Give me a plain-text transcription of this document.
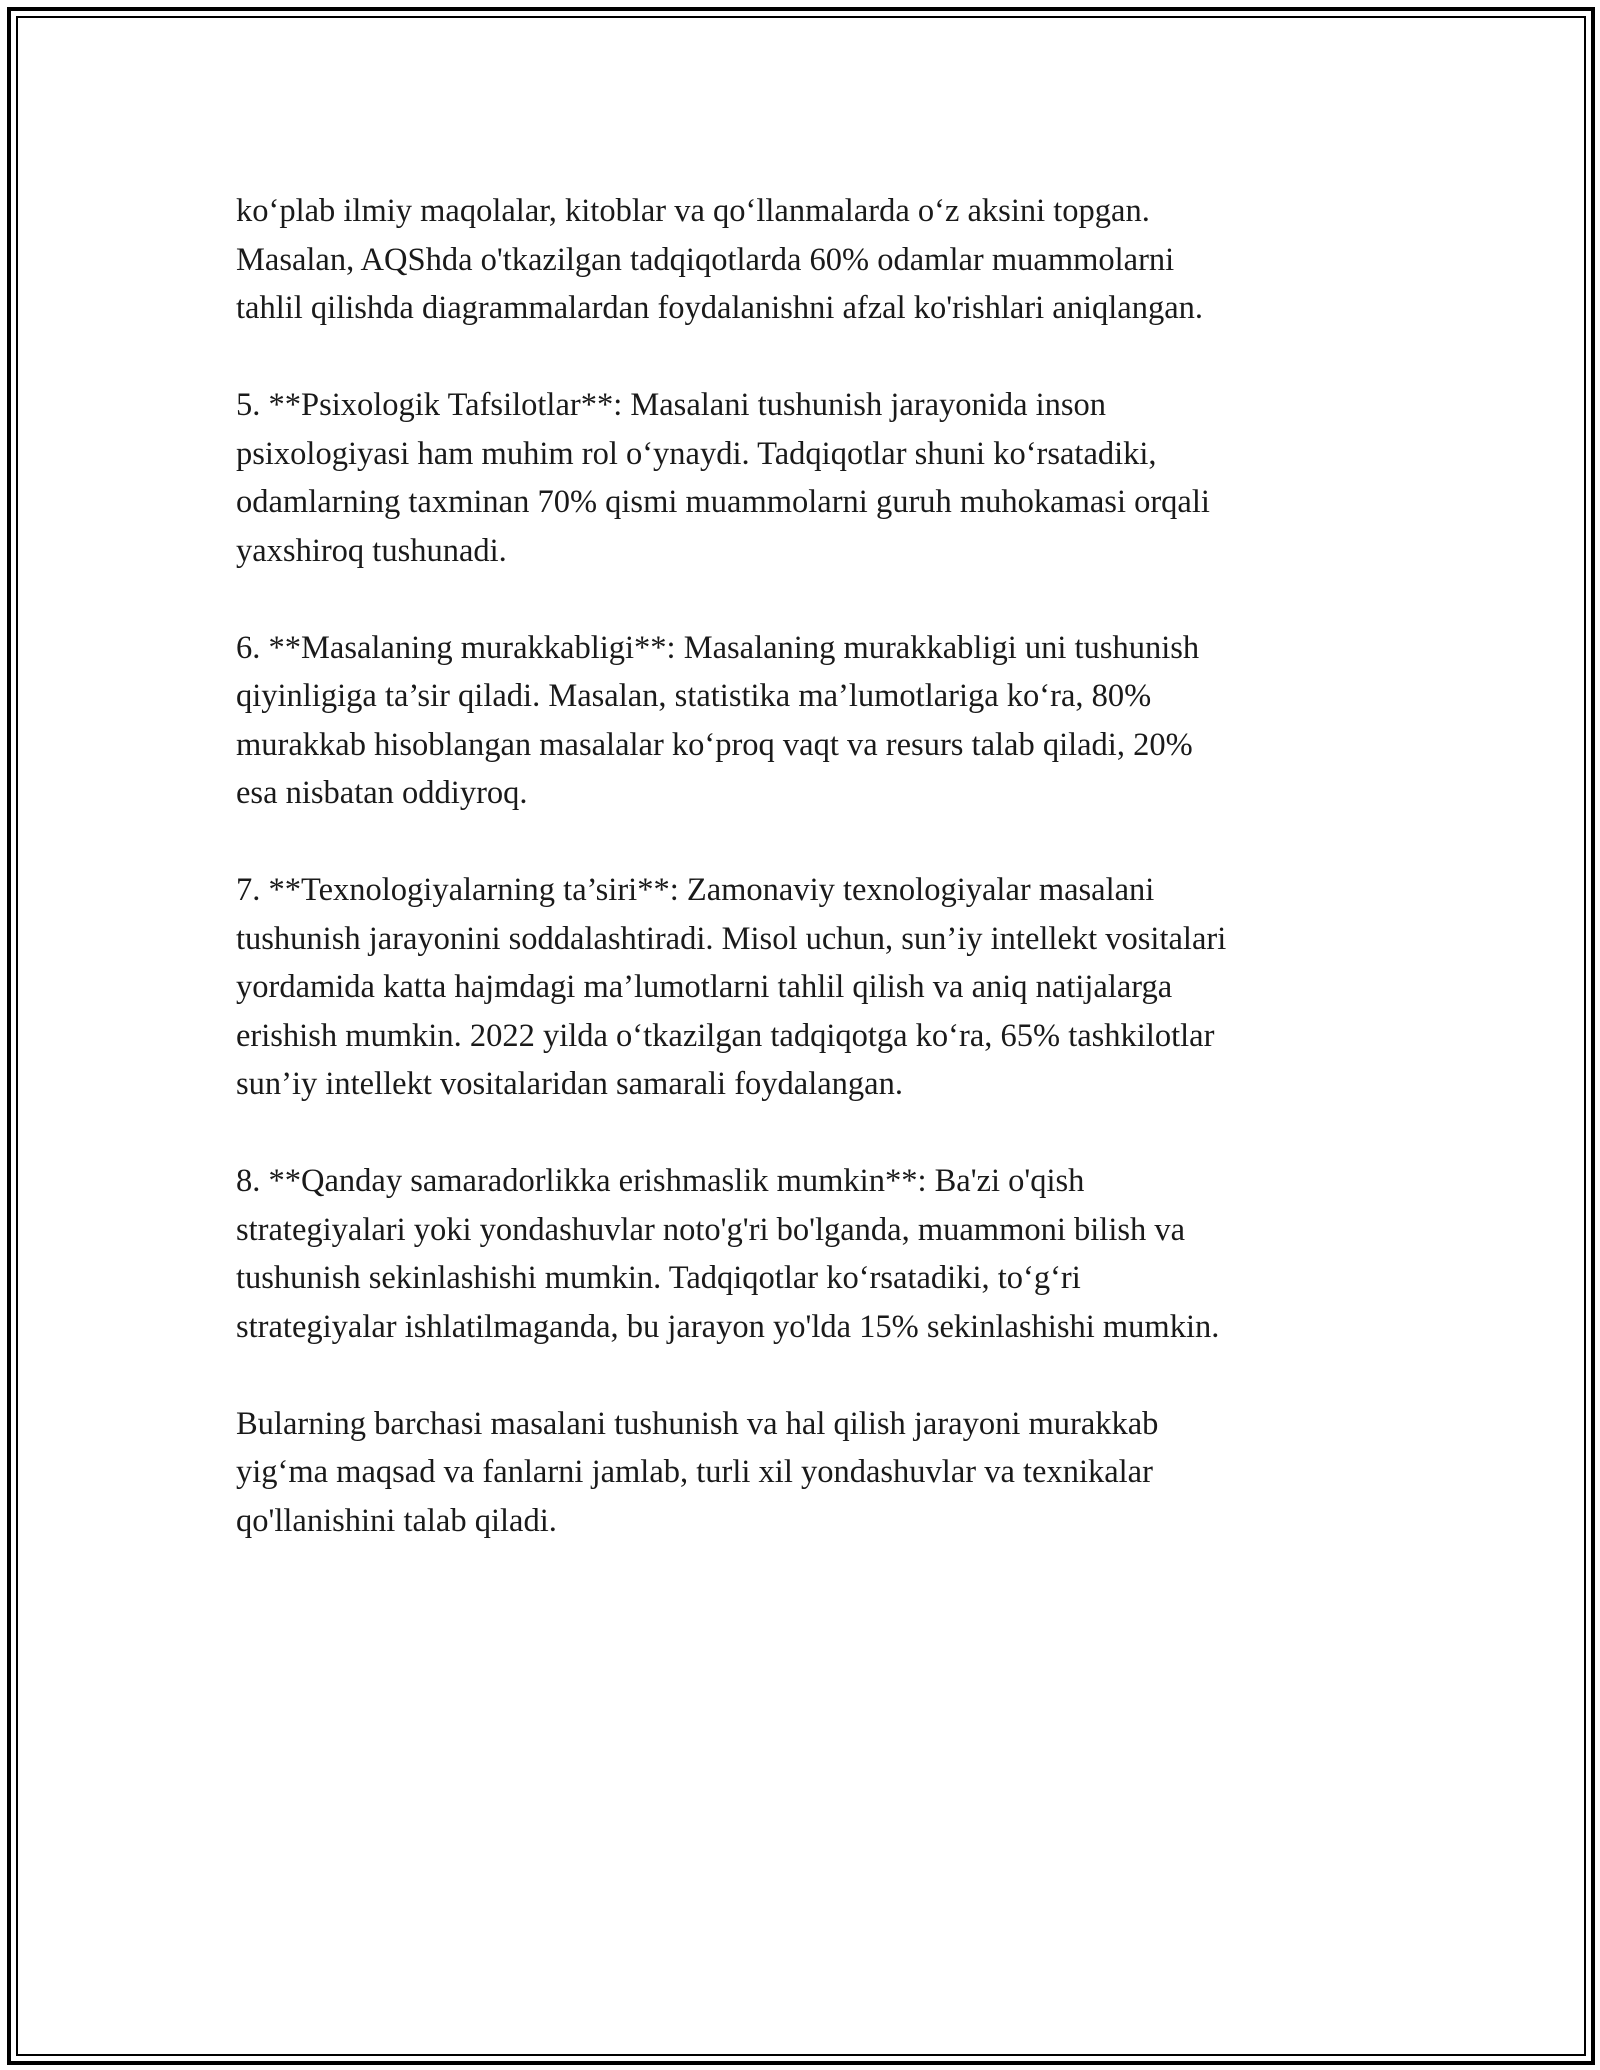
ko‘plab ilmiy maqolalar, kitoblar va qo‘llanmalarda o‘z aksini topgan.
Masalan, AQShda o'tkazilgan tadqiqotlarda 60% odamlar muammolarni
tahlil qilishda diagrammalardan foydalanishni afzal ko'rishlari aniqlangan.
5. **Psixologik Tafsilotlar**: Masalani tushunish jarayonida inson
psixologiyasi ham muhim rol o‘ynaydi. Tadqiqotlar shuni ko‘rsatadiki,
odamlarning taxminan 70% qismi muammolarni guruh muhokamasi orqali
yaxshiroq tushunadi.
6. **Masalaning murakkabligi**: Masalaning murakkabligi uni tushunish
qiyinligiga ta’sir qiladi. Masalan, statistika ma’lumotlariga ko‘ra, 80%
murakkab hisoblangan masalalar ko‘proq vaqt va resurs talab qiladi, 20%
esa nisbatan oddiyroq.
7. **Texnologiyalarning ta’siri**: Zamonaviy texnologiyalar masalani
tushunish jarayonini soddalashtiradi. Misol uchun, sun’iy intellekt vositalari
yordamida katta hajmdagi ma’lumotlarni tahlil qilish va aniq natijalarga
erishish mumkin. 2022 yilda o‘tkazilgan tadqiqotga ko‘ra, 65% tashkilotlar
sun’iy intellekt vositalaridan samarali foydalangan.
8. **Qanday samaradorlikka erishmaslik mumkin**: Ba'zi o'qish
strategiyalari yoki yondashuvlar noto'g'ri bo'lganda, muammoni bilish va
tushunish sekinlashishi mumkin. Tadqiqotlar ko‘rsatadiki, to‘g‘ri
strategiyalar ishlatilmaganda, bu jarayon yo'lda 15% sekinlashishi mumkin.
Bularning barchasi masalani tushunish va hal qilish jarayoni murakkab
yig‘ma maqsad va fanlarni jamlab, turli xil yondashuvlar va texnikalar
qo'llanishini talab qiladi.
